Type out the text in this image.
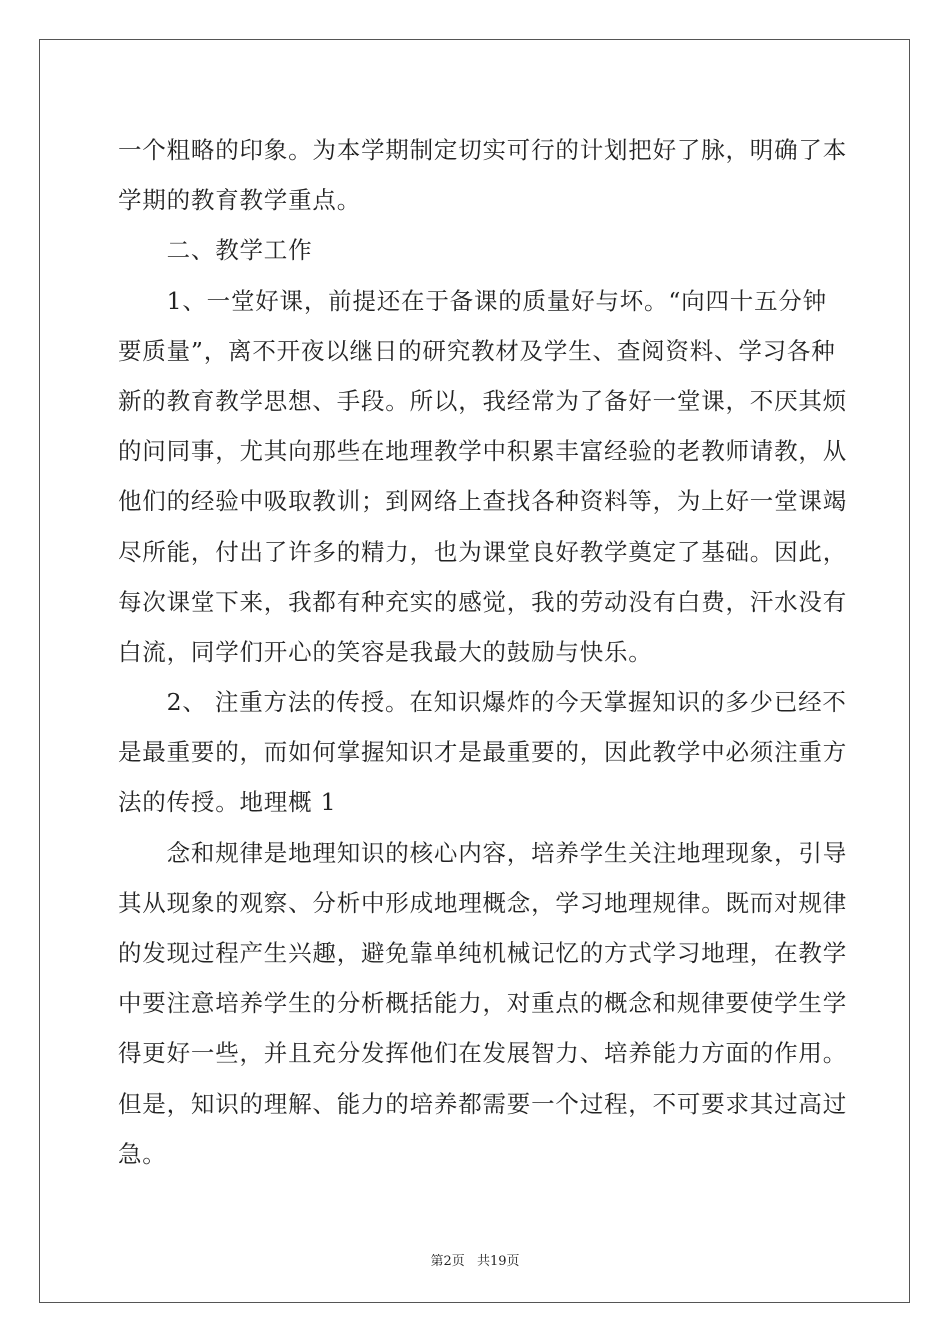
一个粗略的印象。为本学期制定切实可行的计划把好了脉，明确了本
学期的教育教学重点。
　　二、教学工作
　　1、一堂好课，前提还在于备课的质量好与坏。“向四十五分钟
要质量”，离不开夜以继日的研究教材及学生、查阅资料、学习各种
新的教育教学思想、手段。所以，我经常为了备好一堂课，不厌其烦
的问同事，尤其向那些在地理教学中积累丰富经验的老教师请教，从
他们的经验中吸取教训；到网络上查找各种资料等，为上好一堂课竭
尽所能，付出了许多的精力，也为课堂良好教学奠定了基础。因此，
每次课堂下来，我都有种充实的感觉，我的劳动没有白费，汗水没有
白流，同学们开心的笑容是我最大的鼓励与快乐。
　　2、 注重方法的传授。在知识爆炸的今天掌握知识的多少已经不
是最重要的，而如何掌握知识才是最重要的，因此教学中必须注重方
法的传授。地理概 1
　　念和规律是地理知识的核心内容，培养学生关注地理现象，引导
其从现象的观察、分析中形成地理概念，学习地理规律。既而对规律
的发现过程产生兴趣，避免靠单纯机械记忆的方式学习地理，在教学
中要注意培养学生的分析概括能力，对重点的概念和规律要使学生学
得更好一些，并且充分发挥他们在发展智力、培养能力方面的作用。
但是，知识的理解、能力的培养都需要一个过程，不可要求其过高过
急。
第2页 共19页
